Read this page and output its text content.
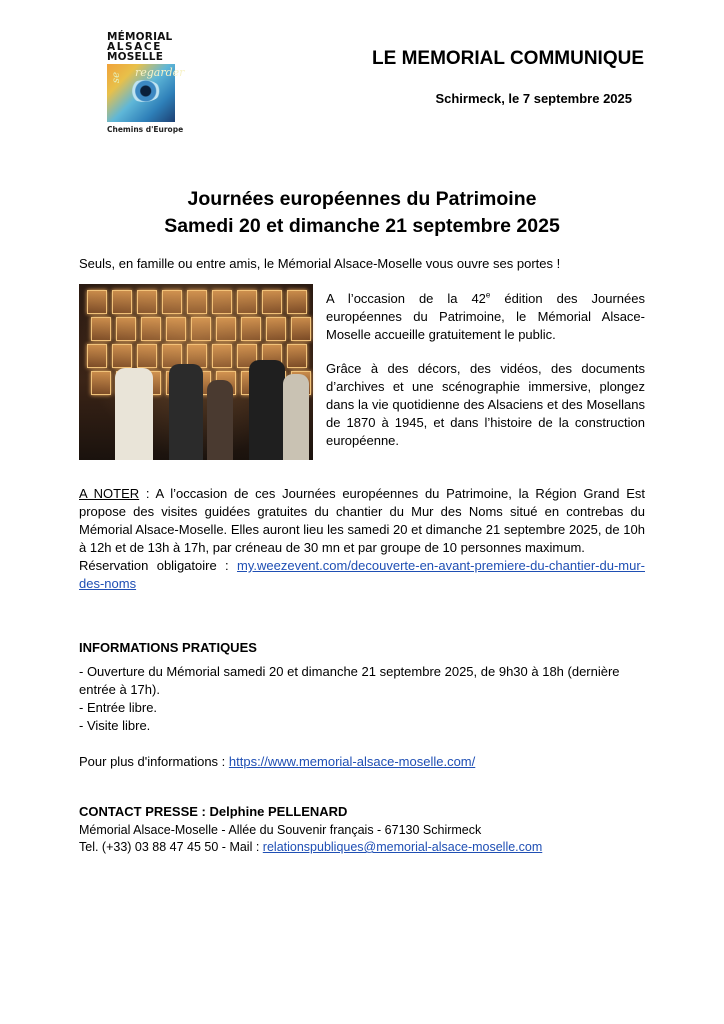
MÉMORIAL
ALSACE
MOSELLE
regarder
se
Chemins d'Europe
LE MEMORIAL COMMUNIQUE
Schirmeck, le 7 septembre 2025
Journées européennes du Patrimoine
Samedi 20 et dimanche 21 septembre 2025
Seuls, en famille ou entre amis, le Mémorial Alsace-Moselle vous ouvre ses portes !
A l’occasion de la 42e édition des Journées européennes du Patrimoine, le Mémorial Alsace-Moselle accueille gratuitement le public.
Grâce à des décors, des vidéos, des documents d’archives et une scénographie immersive, plongez dans la vie quotidienne des Alsaciens et des Mosellans de 1870 à 1945, et dans l’histoire de la construction européenne.
A NOTER : A l’occasion de ces Journées européennes du Patrimoine, la Région Grand Est propose des visites guidées gratuites du chantier du Mur des Noms situé en contrebas du Mémorial Alsace-Moselle. Elles auront lieu les samedi 20 et dimanche 21 septembre 2025, de 10h à 12h et de 13h à 17h, par créneau de 30 mn et par groupe de 10 personnes maximum.
Réservation obligatoire : my.weezevent.com/decouverte-en-avant-premiere-du-chantier-du-mur-des-noms
INFORMATIONS PRATIQUES
- Ouverture du Mémorial samedi 20 et dimanche 21 septembre 2025, de 9h30 à 18h (dernière entrée à 17h).
- Entrée libre.
- Visite libre.
Pour plus d'informations : https://www.memorial-alsace-moselle.com/
CONTACT PRESSE : Delphine PELLENARD
Mémorial Alsace-Moselle - Allée du Souvenir français - 67130 Schirmeck
Tel. (+33) 03 88 47 45 50 - Mail : relationspubliques@memorial-alsace-moselle.com
